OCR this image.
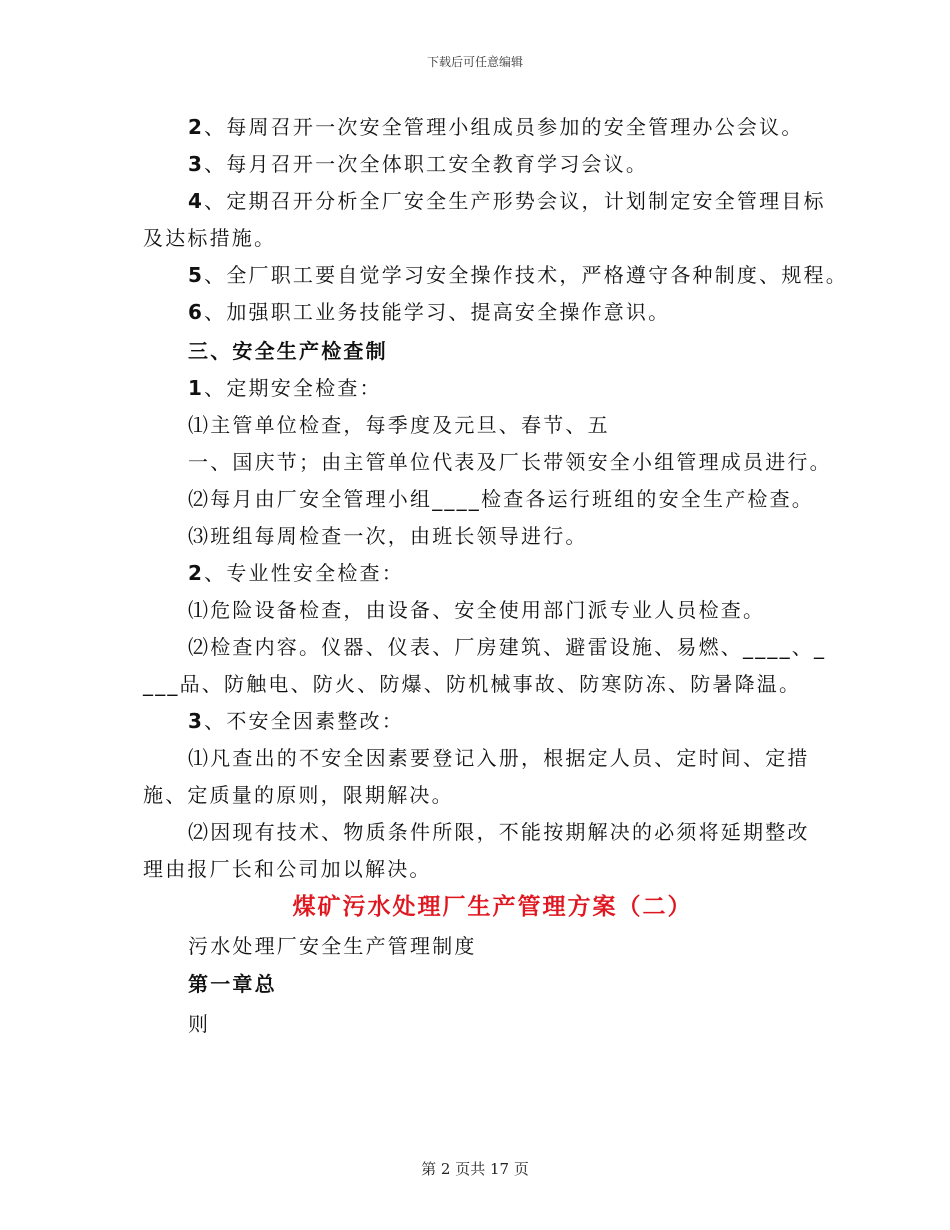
下载后可任意编辑
2、每周召开一次安全管理小组成员参加的安全管理办公会议。
3、每月召开一次全体职工安全教育学习会议。
4、定期召开分析全厂安全生产形势会议，计划制定安全管理目标
及达标措施。
5、全厂职工要自觉学习安全操作技术，严格遵守各种制度、规程。
6、加强职工业务技能学习、提高安全操作意识。
三、安全生产检查制
1、定期安全检查：
⑴主管单位检查，每季度及元旦、春节、五
一、国庆节；由主管单位代表及厂长带领安全小组管理成员进行。
⑵每月由厂安全管理小组____检查各运行班组的安全生产检查。
⑶班组每周检查一次，由班长领导进行。
2、专业性安全检查：
⑴危险设备检查，由设备、安全使用部门派专业人员检查。
⑵检查内容。仪器、仪表、厂房建筑、避雷设施、易燃、____、_
___品、防触电、防火、防爆、防机械事故、防寒防冻、防暑降温。
3、不安全因素整改：
⑴凡查出的不安全因素要登记入册，根据定人员、定时间、定措
施、定质量的原则，限期解决。
⑵因现有技术、物质条件所限，不能按期解决的必须将延期整改
理由报厂长和公司加以解决。
煤矿污水处理厂生产管理方案（二）
污水处理厂安全生产管理制度
第一章总
则
第 2 页共 17 页
